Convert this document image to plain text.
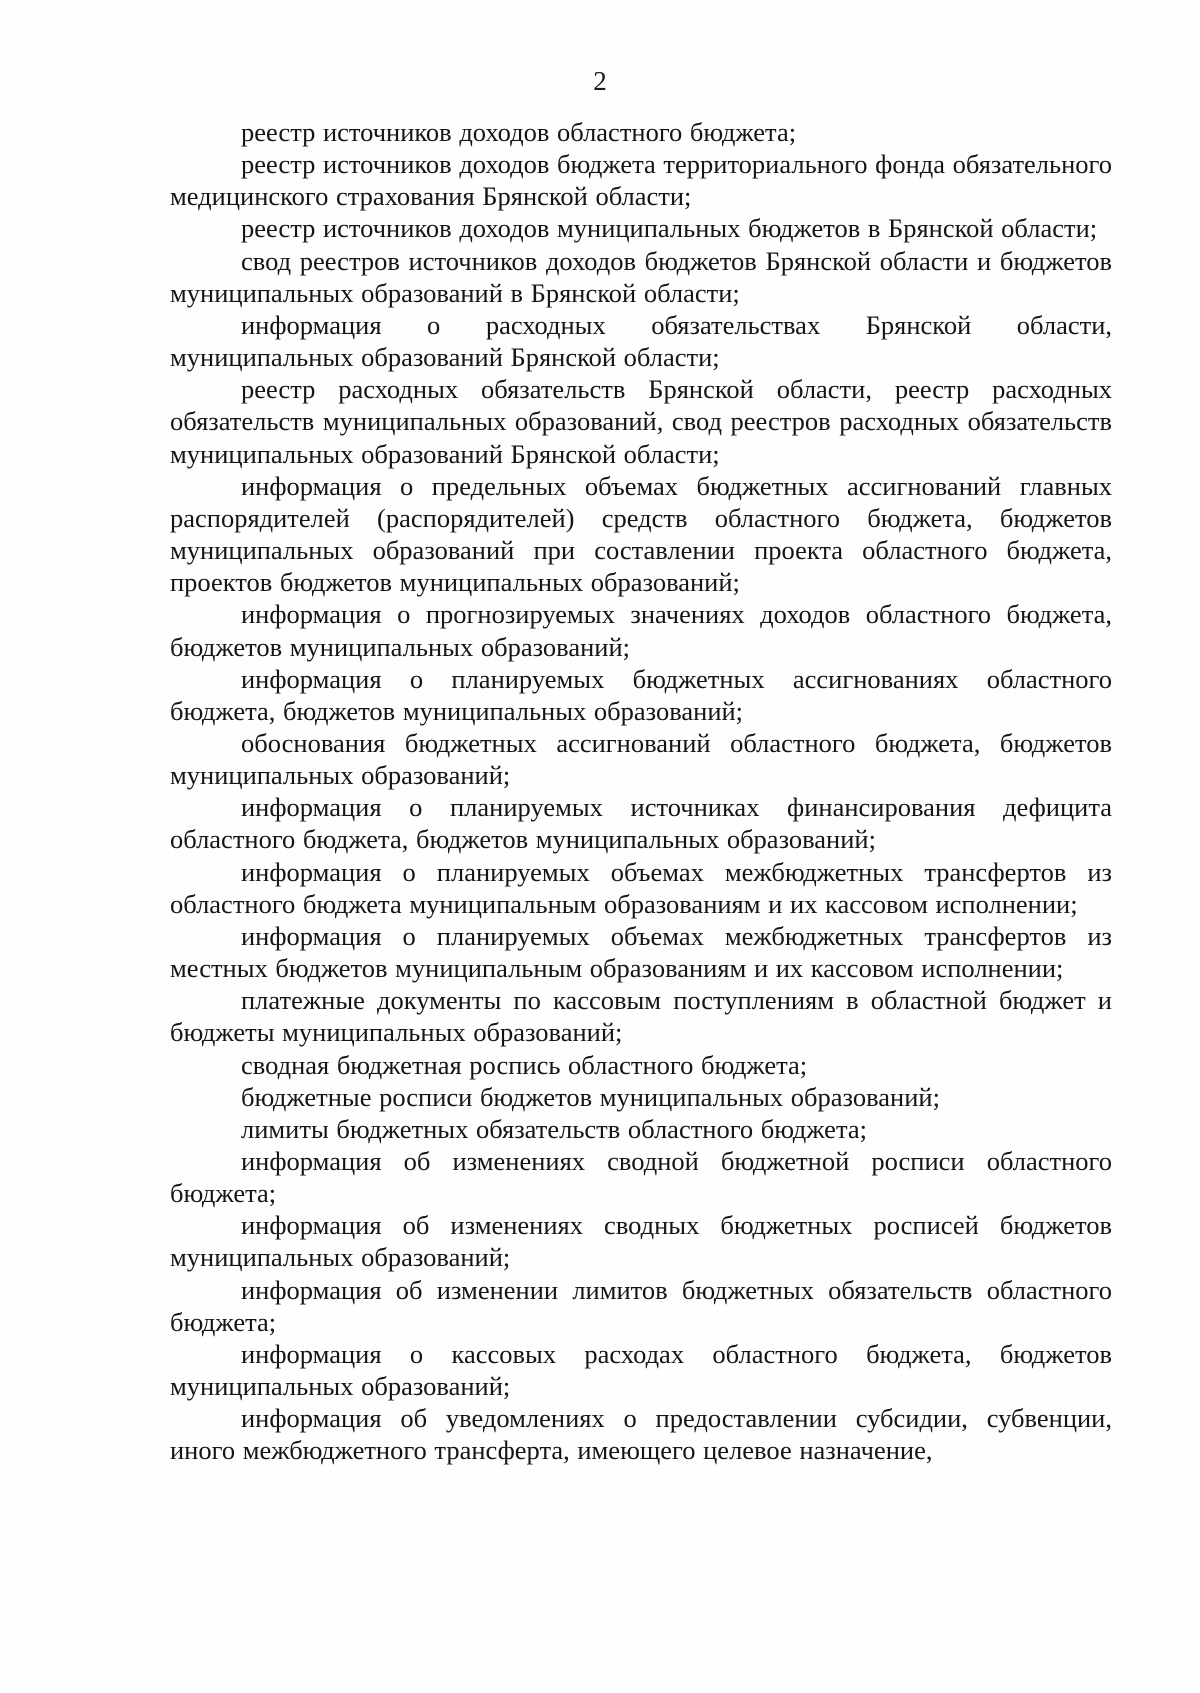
2

реестр источников доходов областного бюджета;

реестр источников доходов бюджета территориального фонда обязательного медицинского страхования Брянской области;

реестр источников доходов муниципальных бюджетов в Брянской области;

свод реестров источников доходов бюджетов Брянской области и бюджетов муниципальных образований в Брянской области;

информация о расходных обязательствах Брянской области, муниципальных образований Брянской области;

реестр расходных обязательств Брянской области, реестр расходных обязательств муниципальных образований, свод реестров расходных обязательств муниципальных образований Брянской области;

информация о предельных объемах бюджетных ассигнований главных распорядителей (распорядителей) средств областного бюджета, бюджетов муниципальных образований при составлении проекта областного бюджета, проектов бюджетов муниципальных образований;

информация о прогнозируемых значениях доходов областного бюджета, бюджетов муниципальных образований;

информация о планируемых бюджетных ассигнованиях областного бюджета, бюджетов муниципальных образований;

обоснования бюджетных ассигнований областного бюджета, бюджетов муниципальных образований;

информация о планируемых источниках финансирования дефицита областного бюджета, бюджетов муниципальных образований;

информация о планируемых объемах межбюджетных трансфертов из областного бюджета муниципальным образованиям и их кассовом исполнении;

информация о планируемых объемах межбюджетных трансфертов из местных бюджетов муниципальным образованиям и их кассовом исполнении;

платежные документы по кассовым поступлениям в областной бюджет и бюджеты муниципальных образований;

сводная бюджетная роспись областного бюджета;

бюджетные росписи бюджетов муниципальных образований;

лимиты бюджетных обязательств областного бюджета;

информация об изменениях сводной бюджетной росписи областного бюджета;

информация об изменениях сводных бюджетных росписей бюджетов муниципальных образований;

информация об изменении лимитов бюджетных обязательств областного бюджета;

информация о кассовых расходах областного бюджета, бюджетов муниципальных образований;

информация об уведомлениях о предоставлении субсидии, субвенции, иного межбюджетного трансферта, имеющего целевое назначение,
